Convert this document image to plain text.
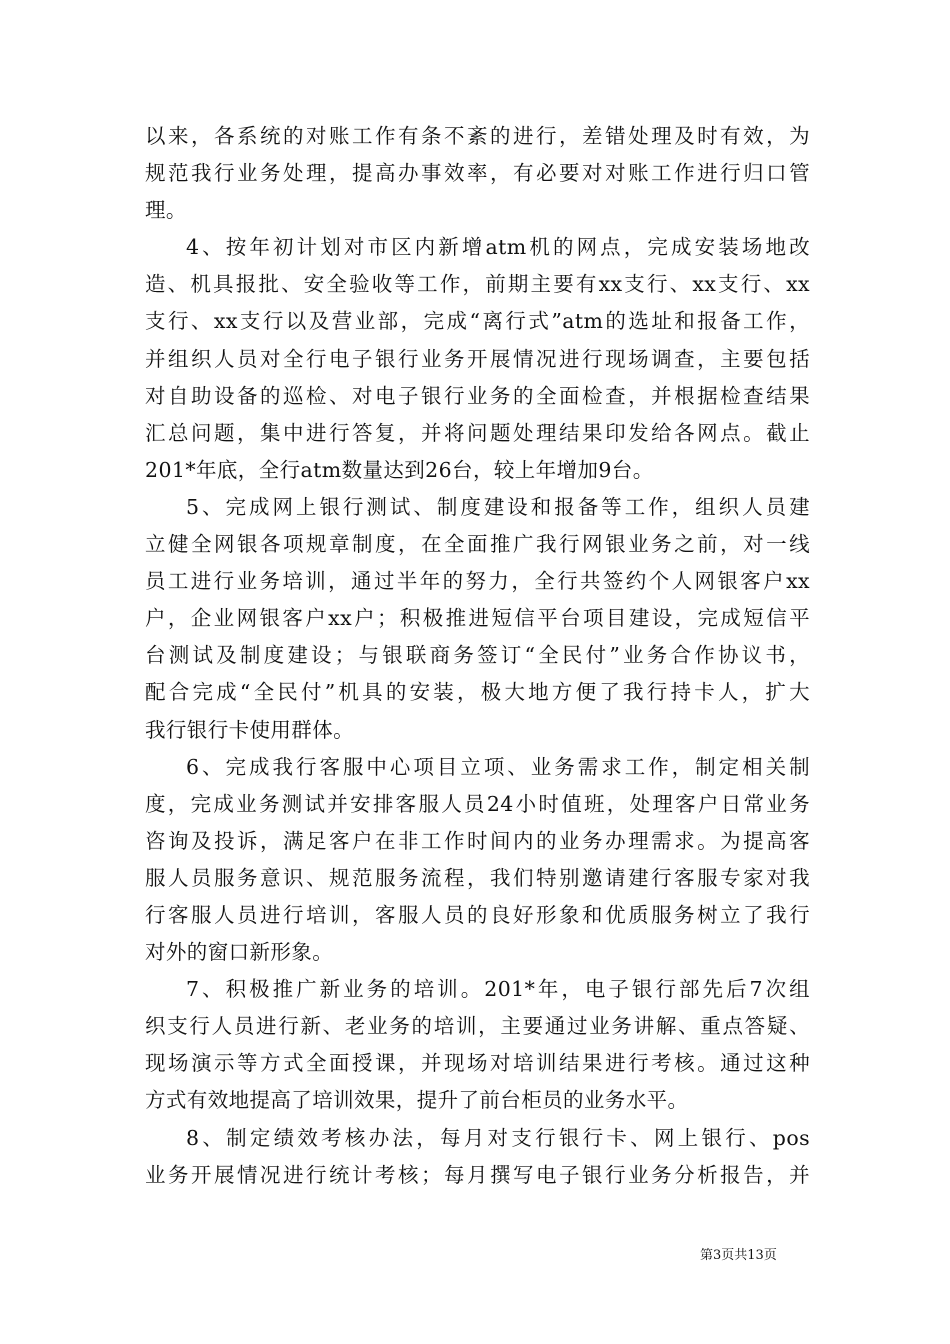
以来，各系统的对账工作有条不紊的进行，差错处理及时有效，为
规范我行业务处理，提高办事效率，有必要对对账工作进行归口管
理。

4、按年初计划对市区内新增atm机的网点，完成安装场地改
造、机具报批、安全验收等工作，前期主要有xx支行、xx支行、xx
支行、xx支行以及营业部，完成“离行式”atm的选址和报备工作，
并组织人员对全行电子银行业务开展情况进行现场调查，主要包括
对自助设备的巡检、对电子银行业务的全面检查，并根据检查结果
汇总问题，集中进行答复，并将问题处理结果印发给各网点。截止
201*年底，全行atm数量达到26台，较上年增加9台。

5、完成网上银行测试、制度建设和报备等工作，组织人员建
立健全网银各项规章制度，在全面推广我行网银业务之前，对一线
员工进行业务培训，通过半年的努力，全行共签约个人网银客户xx
户，企业网银客户xx户；积极推进短信平台项目建设，完成短信平
台测试及制度建设；与银联商务签订“全民付”业务合作协议书，
配合完成“全民付”机具的安装，极大地方便了我行持卡人，扩大
我行银行卡使用群体。

6、完成我行客服中心项目立项、业务需求工作，制定相关制
度，完成业务测试并安排客服人员24小时值班，处理客户日常业务
咨询及投诉，满足客户在非工作时间内的业务办理需求。为提高客
服人员服务意识、规范服务流程，我们特别邀请建行客服专家对我
行客服人员进行培训，客服人员的良好形象和优质服务树立了我行
对外的窗口新形象。

7、积极推广新业务的培训。201*年，电子银行部先后7次组
织支行人员进行新、老业务的培训，主要通过业务讲解、重点答疑、
现场演示等方式全面授课，并现场对培训结果进行考核。通过这种
方式有效地提高了培训效果，提升了前台柜员的业务水平。

8、制定绩效考核办法，每月对支行银行卡、网上银行、pos
业务开展情况进行统计考核；每月撰写电子银行业务分析报告，并

第3页共13页
